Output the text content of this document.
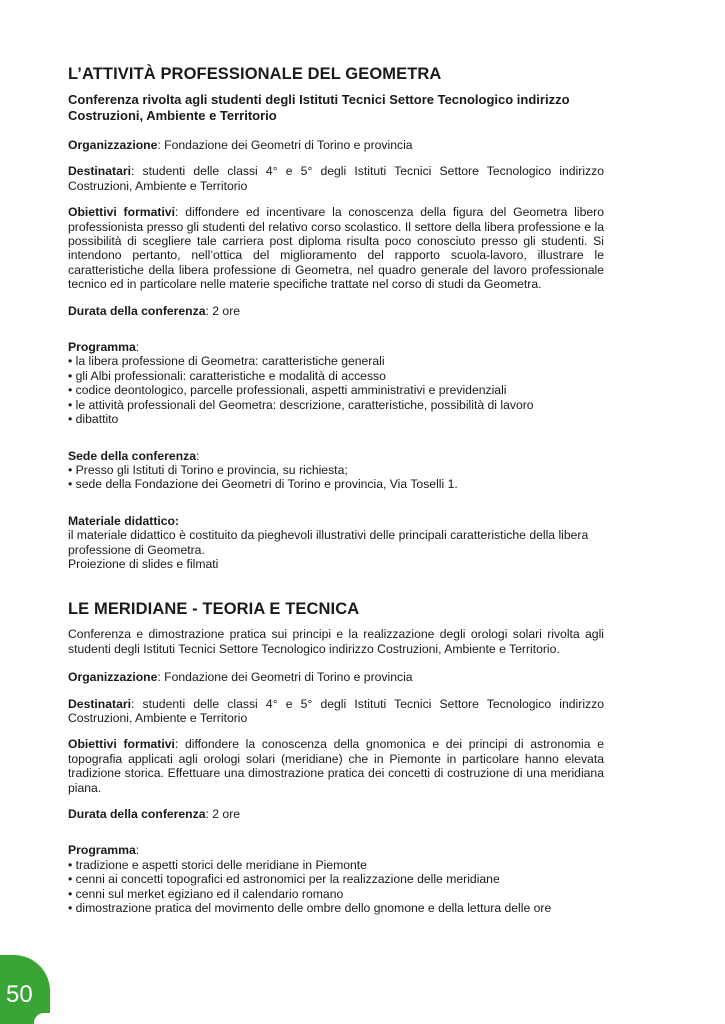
L’ATTIVITÀ PROFESSIONALE DEL GEOMETRA
Conferenza rivolta agli studenti degli Istituti Tecnici Settore Tecnologico indirizzo Costruzioni, Ambiente e Territorio
Organizzazione: Fondazione dei Geometri di Torino e provincia
Destinatari: studenti delle classi 4° e 5° degli Istituti Tecnici Settore Tecnologico indirizzo Costruzioni, Ambiente e Territorio
Obiettivi formativi: diffondere ed incentivare la conoscenza della figura del Geometra libero professionista presso gli studenti del relativo corso scolastico. Il settore della libera professione e la possibilità di scegliere tale carriera post diploma risulta poco conosciuto presso gli studenti. Si intendono pertanto, nell’ottica del miglioramento del rapporto scuola-lavoro, illustrare le caratteristiche della libera professione di Geometra, nel quadro generale del lavoro professionale tecnico ed in particolare nelle materie specifiche trattate nel corso di studi da Geometra.
Durata della conferenza: 2 ore
Programma:
• la libera professione di Geometra: caratteristiche generali
• gli Albi professionali: caratteristiche e modalità di accesso
• codice deontologico, parcelle professionali, aspetti amministrativi e previdenziali
• le attività professionali del Geometra: descrizione, caratteristiche, possibilità di lavoro
• dibattito
Sede della conferenza:
• Presso gli Istituti di Torino e provincia, su richiesta;
• sede della Fondazione dei Geometri di Torino e provincia, Via Toselli 1.
Materiale didattico:
il materiale didattico è costituito da pieghevoli illustrativi delle principali caratteristiche della libera professione di Geometra.
Proiezione di slides e filmati
LE MERIDIANE - TEORIA E TECNICA
Conferenza e dimostrazione pratica sui principi e la realizzazione degli orologi solari rivolta agli studenti degli Istituti Tecnici Settore Tecnologico indirizzo Costruzioni, Ambiente e Territorio.
Organizzazione: Fondazione dei Geometri di Torino e provincia
Destinatari: studenti delle classi 4° e 5° degli Istituti Tecnici Settore Tecnologico indirizzo Costruzioni, Ambiente e Territorio
Obiettivi formativi: diffondere la conoscenza della gnomonica e dei principi di astronomia e topografia applicati agli orologi solari (meridiane) che in Piemonte in particolare hanno elevata tradizione storica. Effettuare una dimostrazione pratica dei concetti di costruzione di una meridiana piana.
Durata della conferenza: 2 ore
Programma:
• tradizione e aspetti storici delle meridiane in Piemonte
• cenni ai concetti topografici ed astronomici per la realizzazione delle meridiane
• cenni sul merket egiziano ed il calendario romano
• dimostrazione pratica del movimento delle ombre dello gnomone e della lettura delle ore
50
